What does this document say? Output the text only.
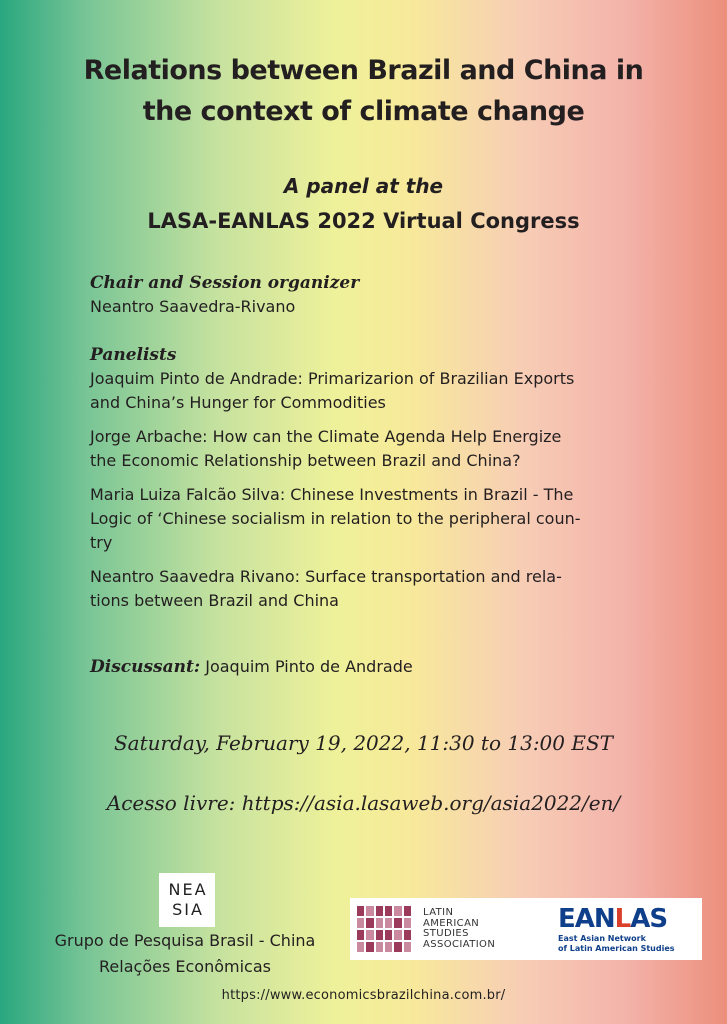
Relations between Brazil and China in
the context of climate change
A panel at the
LASA-EANLAS 2022 Virtual Congress
Chair and Session organizer
Neantro Saavedra-Rivano
Panelists
Joaquim Pinto de Andrade: Primarizarion of Brazilian Exports
and China’s Hunger for Commodities
Jorge Arbache: How can the Climate Agenda Help Energize
the Economic Relationship between Brazil and China?
Maria Luiza Falcão Silva: Chinese Investments in Brazil - The
Logic of ‘Chinese socialism in relation to the peripheral coun-
try
Neantro Saavedra Rivano: Surface transportation and rela-
tions between Brazil and China
Discussant: Joaquim Pinto de Andrade
Saturday, February 19, 2022, 11:30 to 13:00 EST
Acesso livre: https://asia.lasaweb.org/asia2022/en/
NEA
SIA
Grupo de Pesquisa Brasil - China
Relações Econômicas
LATIN
AMERICAN
STUDIES
ASSOCIATION
EANLAS
East Asian Network
of Latin American Studies
https://www.economicsbrazilchina.com.br/
